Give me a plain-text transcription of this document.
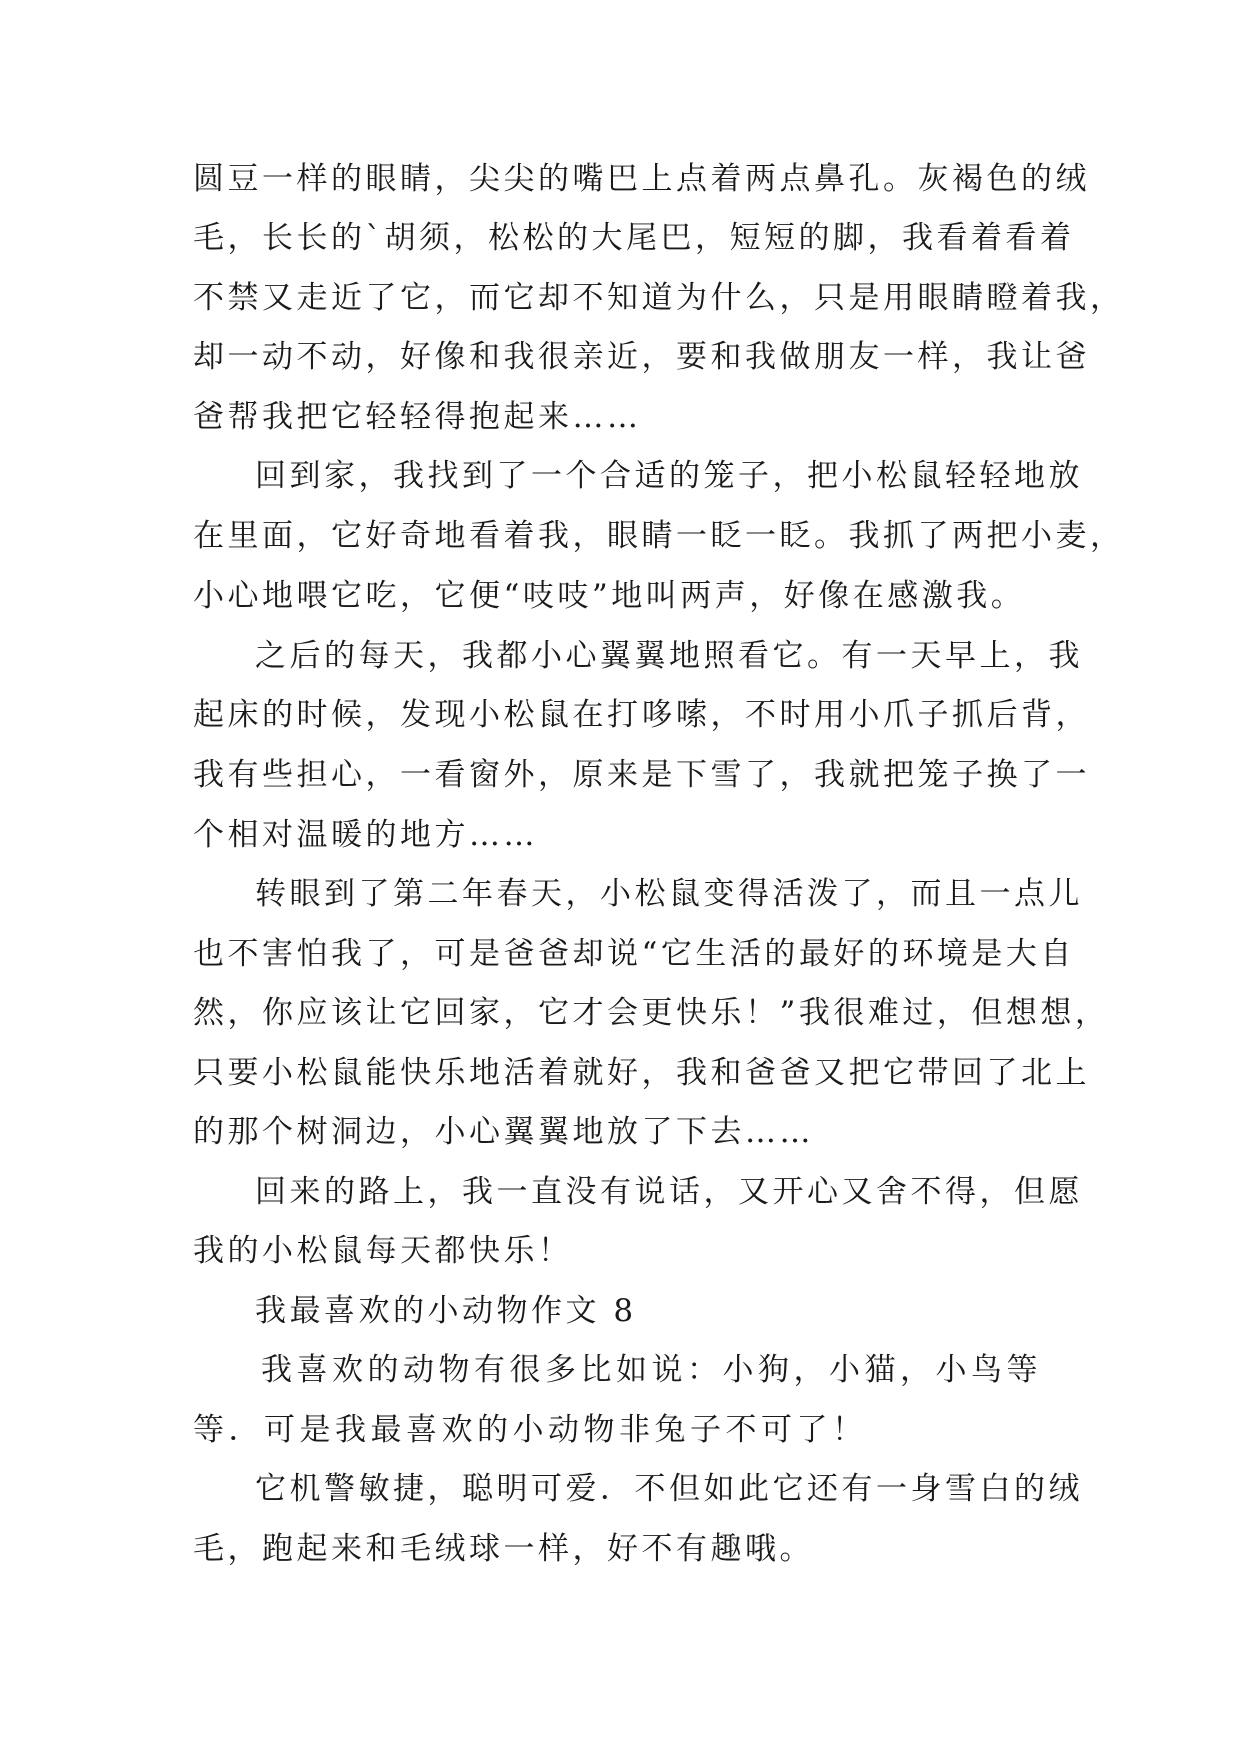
圆豆一样的眼睛，尖尖的嘴巴上点着两点鼻孔。灰褐色的绒

毛，长长的`胡须，松松的大尾巴，短短的脚，我看着看着

不禁又走近了它，而它却不知道为什么，只是用眼睛瞪着我，

却一动不动，好像和我很亲近，要和我做朋友一样，我让爸

爸帮我把它轻轻得抱起来……

回到家，我找到了一个合适的笼子，把小松鼠轻轻地放

在里面，它好奇地看着我，眼睛一眨一眨。我抓了两把小麦，

小心地喂它吃，它便“吱吱”地叫两声，好像在感激我。

之后的每天，我都小心翼翼地照看它。有一天早上，我

起床的时候，发现小松鼠在打哆嗦，不时用小爪子抓后背，

我有些担心，一看窗外，原来是下雪了，我就把笼子换了一

个相对温暖的地方……

转眼到了第二年春天，小松鼠变得活泼了，而且一点儿

也不害怕我了，可是爸爸却说“它生活的最好的环境是大自

然，你应该让它回家，它才会更快乐！”我很难过，但想想，

只要小松鼠能快乐地活着就好，我和爸爸又把它带回了北上

的那个树洞边，小心翼翼地放了下去……

回来的路上，我一直没有说话，又开心又舍不得，但愿

我的小松鼠每天都快乐！

我最喜欢的小动物作文 8

我喜欢的动物有很多比如说：小狗，小猫，小鸟等

等．可是我最喜欢的小动物非兔子不可了！

它机警敏捷，聪明可爱．不但如此它还有一身雪白的绒

毛，跑起来和毛绒球一样，好不有趣哦。
